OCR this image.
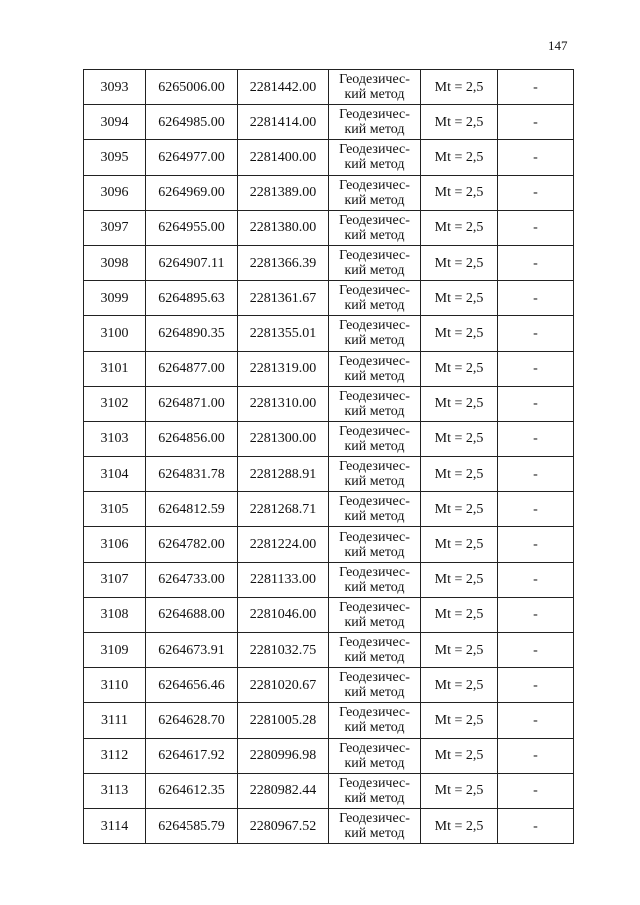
147
3093	6265006.00	2281442.00	Геодезичес-
кий метод	Mt = 2,5	-
3094	6264985.00	2281414.00	Геодезичес-
кий метод	Mt = 2,5	-
3095	6264977.00	2281400.00	Геодезичес-
кий метод	Mt = 2,5	-
3096	6264969.00	2281389.00	Геодезичес-
кий метод	Mt = 2,5	-
3097	6264955.00	2281380.00	Геодезичес-
кий метод	Mt = 2,5	-
3098	6264907.11	2281366.39	Геодезичес-
кий метод	Mt = 2,5	-
3099	6264895.63	2281361.67	Геодезичес-
кий метод	Mt = 2,5	-
3100	6264890.35	2281355.01	Геодезичес-
кий метод	Mt = 2,5	-
3101	6264877.00	2281319.00	Геодезичес-
кий метод	Mt = 2,5	-
3102	6264871.00	2281310.00	Геодезичес-
кий метод	Mt = 2,5	-
3103	6264856.00	2281300.00	Геодезичес-
кий метод	Mt = 2,5	-
3104	6264831.78	2281288.91	Геодезичес-
кий метод	Mt = 2,5	-
3105	6264812.59	2281268.71	Геодезичес-
кий метод	Mt = 2,5	-
3106	6264782.00	2281224.00	Геодезичес-
кий метод	Mt = 2,5	-
3107	6264733.00	2281133.00	Геодезичес-
кий метод	Mt = 2,5	-
3108	6264688.00	2281046.00	Геодезичес-
кий метод	Mt = 2,5	-
3109	6264673.91	2281032.75	Геодезичес-
кий метод	Mt = 2,5	-
3110	6264656.46	2281020.67	Геодезичес-
кий метод	Mt = 2,5	-
3111	6264628.70	2281005.28	Геодезичес-
кий метод	Mt = 2,5	-
3112	6264617.92	2280996.98	Геодезичес-
кий метод	Mt = 2,5	-
3113	6264612.35	2280982.44	Геодезичес-
кий метод	Mt = 2,5	-
3114	6264585.79	2280967.52	Геодезичес-
кий метод	Mt = 2,5	-
